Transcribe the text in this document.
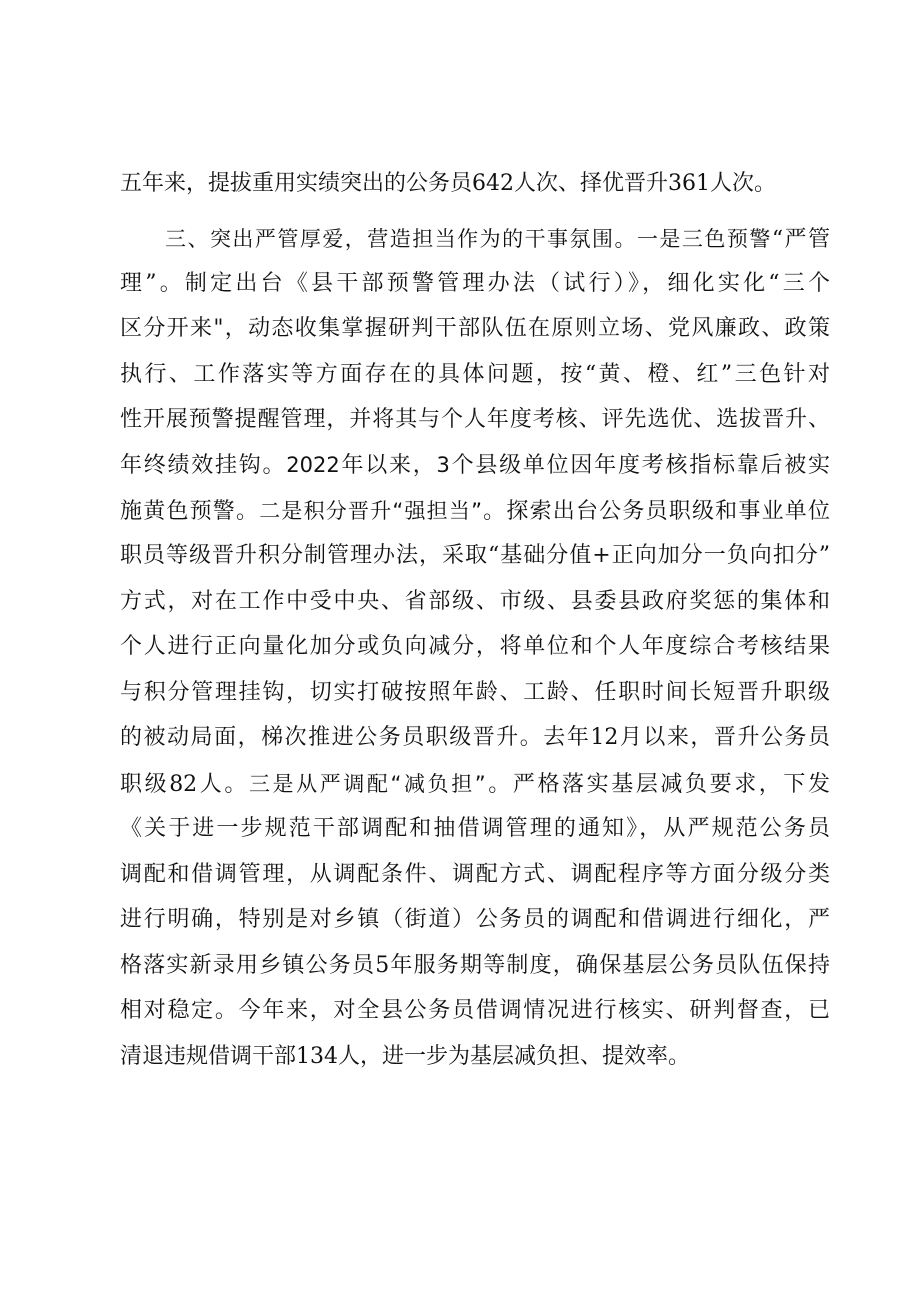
五年来，提拔重用实绩突出的公务员642人次、择优晋升361人次。
三、突出严管厚爱，营造担当作为的干事氛围。一是三色预警“严管
理”。制定出台《县干部预警管理办法（试行）》，细化实化“三个
区分开来"，动态收集掌握研判干部队伍在原则立场、党风廉政、政策
执行、工作落实等方面存在的具体问题，按“黄、橙、红”三色针对
性开展预警提醒管理，并将其与个人年度考核、评先选优、选拔晋升、
年终绩效挂钩。2022年以来，3个县级单位因年度考核指标靠后被实
施黄色预警。二是积分晋升“强担当”。探索出台公务员职级和事业单位
职员等级晋升积分制管理办法，采取“基础分值+正向加分一负向扣分”
方式，对在工作中受中央、省部级、市级、县委县政府奖惩的集体和
个人进行正向量化加分或负向减分，将单位和个人年度综合考核结果
与积分管理挂钩，切实打破按照年龄、工龄、任职时间长短晋升职级
的被动局面，梯次推进公务员职级晋升。去年12月以来，晋升公务员
职级82人。三是从严调配“减负担”。严格落实基层减负要求，下发
《关于进一步规范干部调配和抽借调管理的通知》，从严规范公务员
调配和借调管理，从调配条件、调配方式、调配程序等方面分级分类
进行明确，特别是对乡镇（街道）公务员的调配和借调进行细化，严
格落实新录用乡镇公务员5年服务期等制度，确保基层公务员队伍保持
相对稳定。今年来，对全县公务员借调情况进行核实、研判督查，已
清退违规借调干部134人，进一步为基层减负担、提效率。
